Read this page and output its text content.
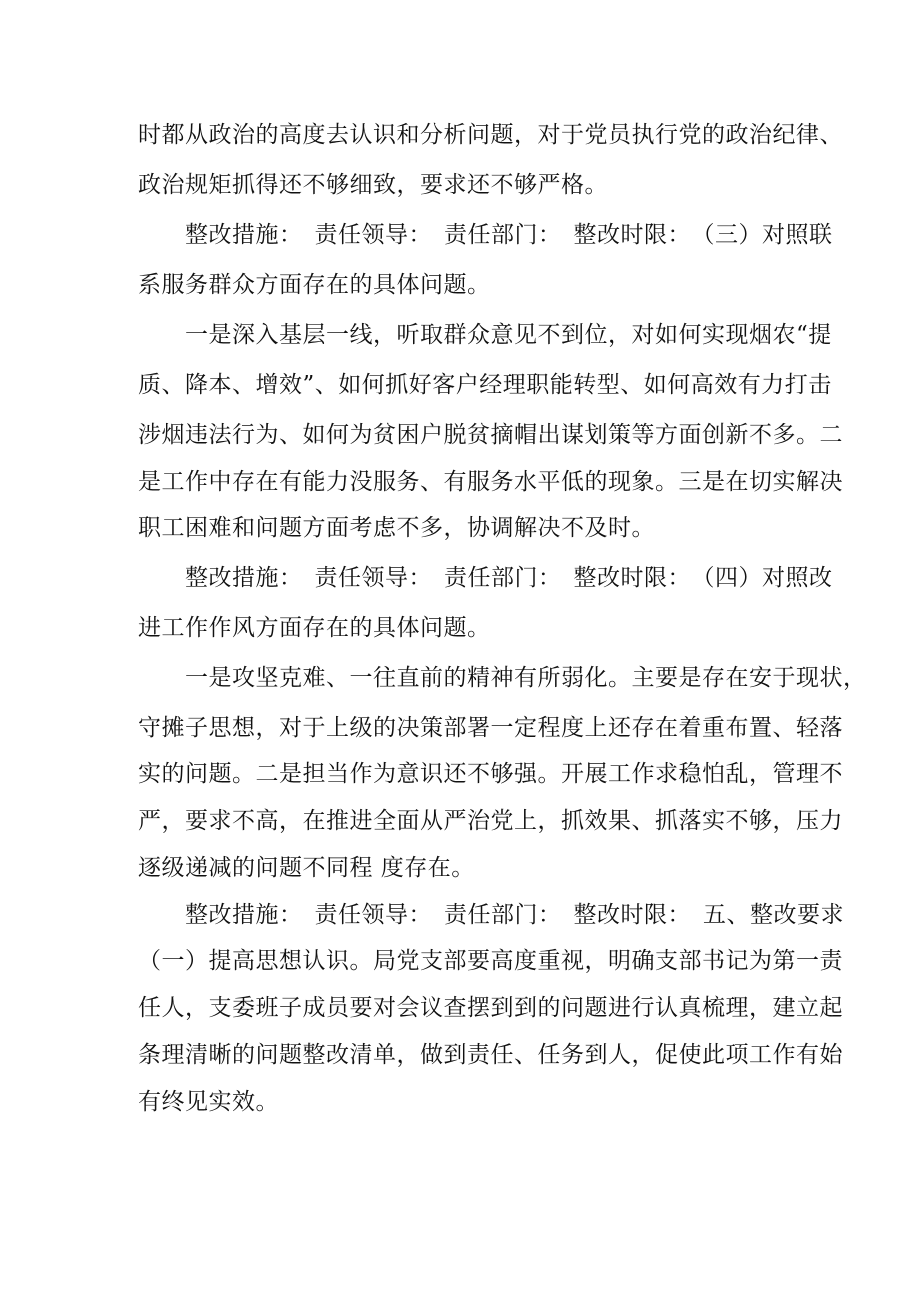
时都从政治的高度去认识和分析问题，对于党员执行党的政治纪律、
政治规矩抓得还不够细致，要求还不够严格。
　　整改措施：　责任领导：　责任部门：　整改时限：　（三）对照联
系服务群众方面存在的具体问题。
　　一是深入基层一线，听取群众意见不到位，对如何实现烟农“提
质、降本、增效”、如何抓好客户经理职能转型、如何高效有力打击
涉烟违法行为、如何为贫困户脱贫摘帽出谋划策等方面创新不多。二
是工作中存在有能力没服务、有服务水平低的现象。三是在切实解决
职工困难和问题方面考虑不多，协调解决不及时。
　　整改措施：　责任领导：　责任部门：　整改时限：　（四）对照改
进工作作风方面存在的具体问题。
　　一是攻坚克难、一往直前的精神有所弱化。主要是存在安于现状，
守摊子思想，对于上级的决策部署一定程度上还存在着重布置、轻落
实的问题。二是担当作为意识还不够强。开展工作求稳怕乱，管理不
严，要求不高，在推进全面从严治党上，抓效果、抓落实不够，压力
逐级递减的问题不同程 度存在。
　　整改措施：　责任领导：　责任部门：　整改时限：　五、整改要求
（一）提高思想认识。局党支部要高度重视，明确支部书记为第一责
任人，支委班子成员要对会议查摆到到的问题进行认真梳理，建立起
条理清晰的问题整改清单，做到责任、任务到人，促使此项工作有始
有终见实效。
